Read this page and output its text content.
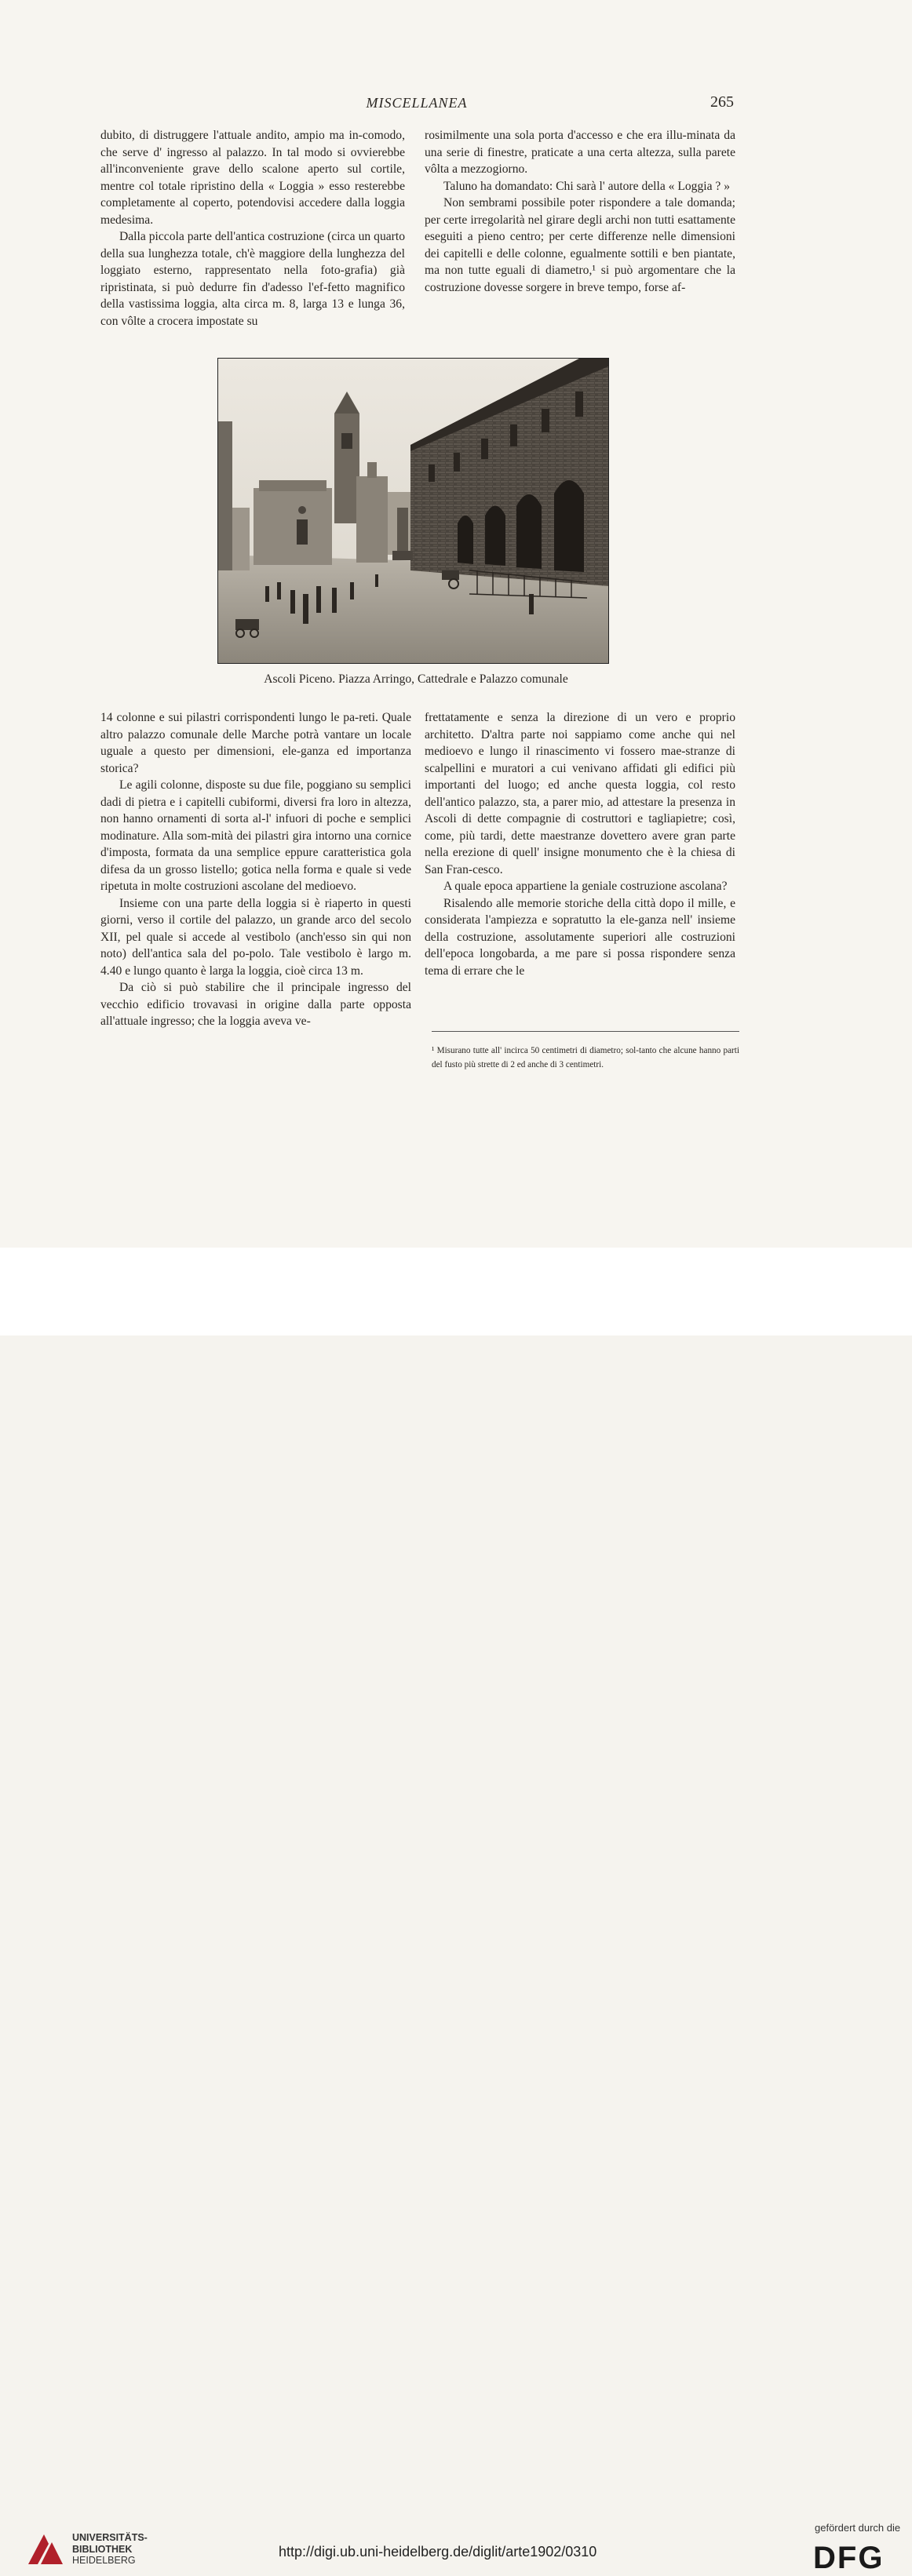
MISCELLANEA	265

dubito, di distruggere l'attuale andito, ampio ma in-comodo, che serve d' ingresso al palazzo. In tal modo si ovvierebbe all'inconveniente grave dello scalone aperto sul cortile, mentre col totale ripristino della « Loggia » esso resterebbe completamente al coperto, potendovisi accedere dalla loggia medesima.

Dalla piccola parte dell'antica costruzione (circa un quarto della sua lunghezza totale, ch'è maggiore della lunghezza del loggiato esterno, rappresentato nella foto-grafia) già ripristinata, si può dedurre fin d'adesso l'ef-fetto magnifico della vastissima loggia, alta circa m. 8, larga 13 e lunga 36, con vôlte a crocera impostate su

rosimilmente una sola porta d'accesso e che era illu-minata da una serie di finestre, praticate a una certa altezza, sulla parete vôlta a mezzogiorno.

Taluno ha domandato: Chi sarà l' autore della « Loggia ? »

Non sembrami possibile poter rispondere a tale domanda; per certe irregolarità nel girare degli archi non tutti esattamente eseguiti a pieno centro; per certe differenze nelle dimensioni dei capitelli e delle colonne, egualmente sottili e ben piantate, ma non tutte eguali di diametro,¹ si può argomentare che la costruzione dovesse sorgere in breve tempo, forse af-

Ascoli Piceno. Piazza Arringo, Cattedrale e Palazzo comunale

14 colonne e sui pilastri corrispondenti lungo le pa-reti. Quale altro palazzo comunale delle Marche potrà vantare un locale uguale a questo per dimensioni, ele-ganza ed importanza storica?

Le agili colonne, disposte su due file, poggiano su semplici dadi di pietra e i capitelli cubiformi, diversi fra loro in altezza, non hanno ornamenti di sorta al-l' infuori di poche e semplici modinature. Alla som-mità dei pilastri gira intorno una cornice d'imposta, formata da una semplice eppure caratteristica gola difesa da un grosso listello; gotica nella forma e quale si vede ripetuta in molte costruzioni ascolane del medioevo.

Insieme con una parte della loggia si è riaperto in questi giorni, verso il cortile del palazzo, un grande arco del secolo XII, pel quale si accede al vestibolo (anch'esso sin qui non noto) dell'antica sala del po-polo. Tale vestibolo è largo m. 4.40 e lungo quanto è larga la loggia, cioè circa 13 m.

Da ciò si può stabilire che il principale ingresso del vecchio edificio trovavasi in origine dalla parte opposta all'attuale ingresso; che la loggia aveva ve-

frettatamente e senza la direzione di un vero e proprio architetto. D'altra parte noi sappiamo come anche qui nel medioevo e lungo il rinascimento vi fossero mae-stranze di scalpellini e muratori a cui venivano affidati gli edifici più importanti del luogo; ed anche questa loggia, col resto dell'antico palazzo, sta, a parer mio, ad attestare la presenza in Ascoli di dette compagnie di costruttori e tagliapietre; così, come, più tardi, dette maestranze dovettero avere gran parte nella erezione di quell' insigne monumento che è la chiesa di San Fran-cesco.

A quale epoca appartiene la geniale costruzione ascolana?

Risalendo alle memorie storiche della città dopo il mille, e considerata l'ampiezza e sopratutto la ele-ganza nell' insieme della costruzione, assolutamente superiori alle costruzioni dell'epoca longobarda, a me pare si possa rispondere senza tema di errare che le

¹ Misurano tutte all' incirca 50 centimetri di diametro; sol-tanto che alcune hanno parti del fusto più strette di 2 ed anche di 3 centimetri.
UNIVERSITÄTS-
BIBLIOTHEK
HEIDELBERG
http://digi.ub.uni-heidelberg.de/diglit/arte1902/0310
gefördert durch die
DFG
